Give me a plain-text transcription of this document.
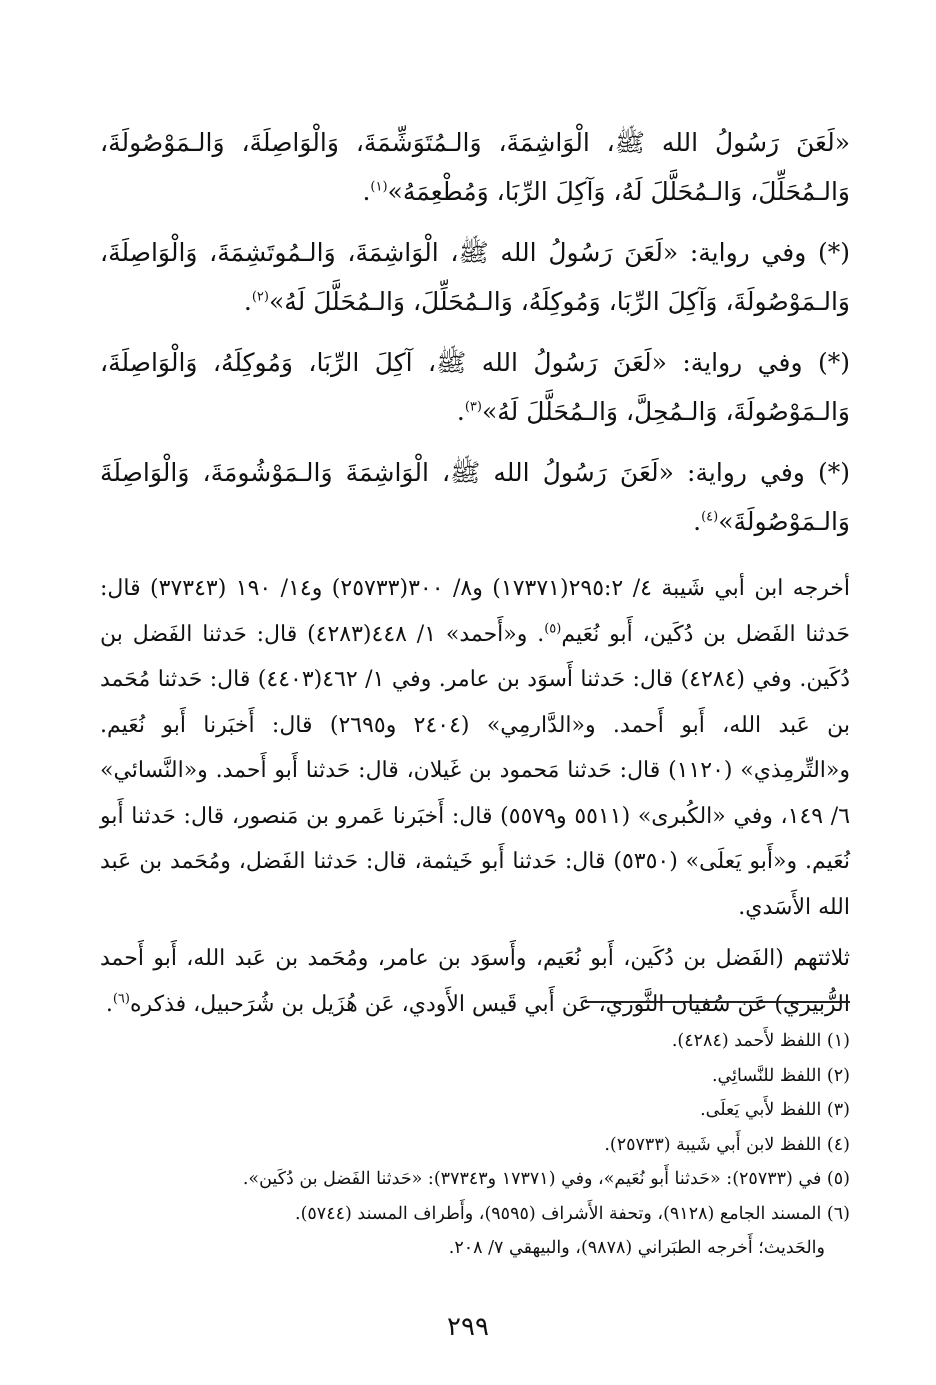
«لَعَنَ رَسُولُ الله ﷺ، الْوَاشِمَةَ، وَالـمُتَوَشِّمَةَ، وَالْوَاصِلَةَ، وَالـمَوْصُولَةَ، وَالـمُحَلِّلَ، وَالـمُحَلَّلَ لَهُ، وَآكِلَ الرِّبَا، وَمُطْعِمَهُ»$^{(١)}$.

(*) وفي رواية: «لَعَنَ رَسُولُ الله ﷺ، الْوَاشِمَةَ، وَالـمُوتَشِمَةَ، وَالْوَاصِلَةَ، وَالـمَوْصُولَةَ، وَآكِلَ الرِّبَا، وَمُوكِلَهُ، وَالـمُحَلِّلَ، وَالـمُحَلَّلَ لَهُ»$^{(٢)}$.

(*) وفي رواية: «لَعَنَ رَسُولُ الله ﷺ، آكِلَ الرِّبَا، وَمُوكِلَهُ، وَالْوَاصِلَةَ، وَالـمَوْصُولَةَ، وَالـمُحِلَّ، وَالـمُحَلَّلَ لَهُ»$^{(٣)}$.

(*) وفي رواية: «لَعَنَ رَسُولُ الله ﷺ، الْوَاشِمَةَ وَالـمَوْشُومَةَ، وَالْوَاصِلَةَ وَالـمَوْصُولَةَ»$^{(٤)}$.

أخرجه ابن أبي شَيبة ٤/ ٢٩٥:٢(١٧٣٧١) و٨/ ٣٠٠(٢٥٧٣٣) و١٤/ ١٩٠ (٣٧٣٤٣) قال: حَدثنا الفَضل بن دُكَين، أَبو نُعَيم$^{(٥)}$. و«أَحمد» ١/ ٤٤٨(٤٢٨٣) قال: حَدثنا الفَضل بن دُكَين. وفي (٤٢٨٤) قال: حَدثنا أَسوَد بن عامر. وفي ١/ ٤٦٢(٤٤٠٣) قال: حَدثنا مُحَمد بن عَبد الله، أَبو أَحمد. و«الدَّارمِي» (٢٤٠٤ و٢٦٩٥) قال: أَخبَرنا أَبو نُعَيم. و«التِّرمِذي» (١١٢٠) قال: حَدثنا مَحمود بن غَيلان، قال: حَدثنا أَبو أَحمد. و«النَّسائي» ٦/ ١٤٩، وفي «الكُبرى» (٥٥١١ و٥٥٧٩) قال: أَخبَرنا عَمرو بن مَنصور، قال: حَدثنا أَبو نُعَيم. و«أَبو يَعلَى» (٥٣٥٠) قال: حَدثنا أَبو خَيثمة، قال: حَدثنا الفَضل، ومُحَمد بن عَبد الله الأَسَدي.

ثلاثتهم (الفَضل بن دُكَين، أَبو نُعَيم، وأَسوَد بن عامر، ومُحَمد بن عَبد الله، أَبو أَحمد الزُّبيري) عَن سُفيان الثَّوري، عَن أَبي قَيس الأَودي، عَن هُزَيل بن شُرَحبيل، فذكره$^{(٦)}$.

(١) اللفظ لأَحمد (٤٢٨٤).
(٢) اللفظ للنَّسائِي.
(٣) اللفظ لأَبي يَعلَى.
(٤) اللفظ لابن أَبي شَيبة (٢٥٧٣٣).
(٥) في (٢٥٧٣٣): «حَدثنا أَبو نُعَيم»، وفي (١٧٣٧١ و٣٧٣٤٣): «حَدثنا الفَضل بن دُكَين».
(٦) المسند الجامع (٩١٢٨)، وتحفة الأَشراف (٩٥٩٥)، وأَطراف المسند (٥٧٤٤).
والحَديث؛ أَخرجه الطبَراني (٩٨٧٨)، والبيهقي ٧/ ٢٠٨.
٢٩٩
